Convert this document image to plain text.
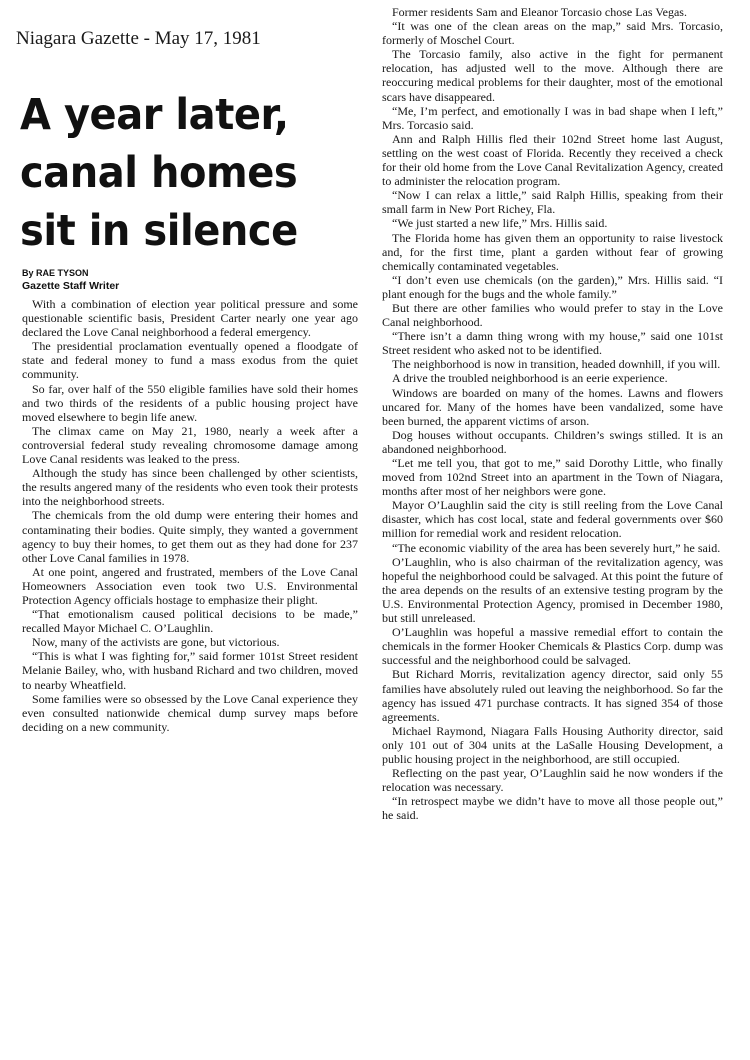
Niagara Gazette - May 17, 1981
A year later,
canal homes
sit in silence
By RAE TYSON
Gazette Staff Writer

With a combination of election year political pressure and some questionable scientific basis, President Carter nearly one year ago declared the Love Canal neighborhood a federal emergency.

The presidential proclamation eventually opened a floodgate of state and federal money to fund a mass exodus from the quiet community.

So far, over half of the 550 eligible families have sold their homes and two thirds of the residents of a public housing project have moved elsewhere to begin life anew.

The climax came on May 21, 1980, nearly a week after a controversial federal study revealing chromosome damage among Love Canal residents was leaked to the press.

Although the study has since been challenged by other scientists, the results angered many of the residents who even took their protests into the neighborhood streets.

The chemicals from the old dump were entering their homes and contaminating their bodies. Quite simply, they wanted a government agency to buy their homes, to get them out as they had done for 237 other Love Canal families in 1978.

At one point, angered and frustrated, members of the Love Canal Homeowners Association even took two U.S. Environmental Protection Agency officials hostage to emphasize their plight.

“That emotionalism caused political decisions to be made,” recalled Mayor Michael C. O’Laughlin.

Now, many of the activists are gone, but victorious.

“This is what I was fighting for,” said former 101st Street resident Melanie Bailey, who, with husband Richard and two children, moved to nearby Wheatfield.

Some families were so obsessed by the Love Canal experience they even consulted nationwide chemical dump survey maps before deciding on a new community.

Former residents Sam and Eleanor Torcasio chose Las Vegas.

“It was one of the clean areas on the map,” said Mrs. Torcasio, formerly of Moschel Court.

The Torcasio family, also active in the fight for permanent relocation, has adjusted well to the move. Although there are reoccuring medical problems for their daughter, most of the emotional scars have disappeared.

“Me, I’m perfect, and emotionally I was in bad shape when I left,” Mrs. Torcasio said.

Ann and Ralph Hillis fled their 102nd Street home last August, settling on the west coast of Florida. Recently they received a check for their old home from the Love Canal Revitalization Agency, created to administer the relocation program.

“Now I can relax a little,” said Ralph Hillis, speaking from their small farm in New Port Richey, Fla.

“We just started a new life,” Mrs. Hillis said.

The Florida home has given them an opportunity to raise livestock and, for the first time, plant a garden without fear of growing chemically contaminated vegetables.

“I don’t even use chemicals (on the garden),” Mrs. Hillis said. “I plant enough for the bugs and the whole family.”

But there are other families who would prefer to stay in the Love Canal neighborhood.

“There isn’t a damn thing wrong with my house,” said one 101st Street resident who asked not to be identified.

The neighborhood is now in transition, headed downhill, if you will.

A drive the troubled neighborhood is an eerie experience.

Windows are boarded on many of the homes. Lawns and flowers uncared for. Many of the homes have been vandalized, some have been burned, the apparent victims of arson.

Dog houses without occupants. Children’s swings stilled. It is an abandoned neighborhood.

“Let me tell you, that got to me,” said Dorothy Little, who finally moved from 102nd Street into an apartment in the Town of Niagara, months after most of her neighbors were gone.

Mayor O’Laughlin said the city is still reeling from the Love Canal disaster, which has cost local, state and federal governments over $60 million for remedial work and resident relocation.

“The economic viability of the area has been severely hurt,” he said.

O’Laughlin, who is also chairman of the revitalization agency, was hopeful the neighborhood could be salvaged. At this point the future of the area depends on the results of an extensive testing program by the U.S. Environmental Protection Agency, promised in December 1980, but still unreleased.

O’Laughlin was hopeful a massive remedial effort to contain the chemicals in the former Hooker Chemicals & Plastics Corp. dump was successful and the neighborhood could be salvaged.

But Richard Morris, revitalization agency director, said only 55 families have absolutely ruled out leaving the neighborhood. So far the agency has issued 471 purchase contracts. It has signed 354 of those agreements.

Michael Raymond, Niagara Falls Housing Authority director, said only 101 out of 304 units at the LaSalle Housing Development, a public housing project in the neighborhood, are still occupied.

Reflecting on the past year, O’Laughlin said he now wonders if the relocation was necessary.

“In retrospect maybe we didn’t have to move all those people out,” he said.
